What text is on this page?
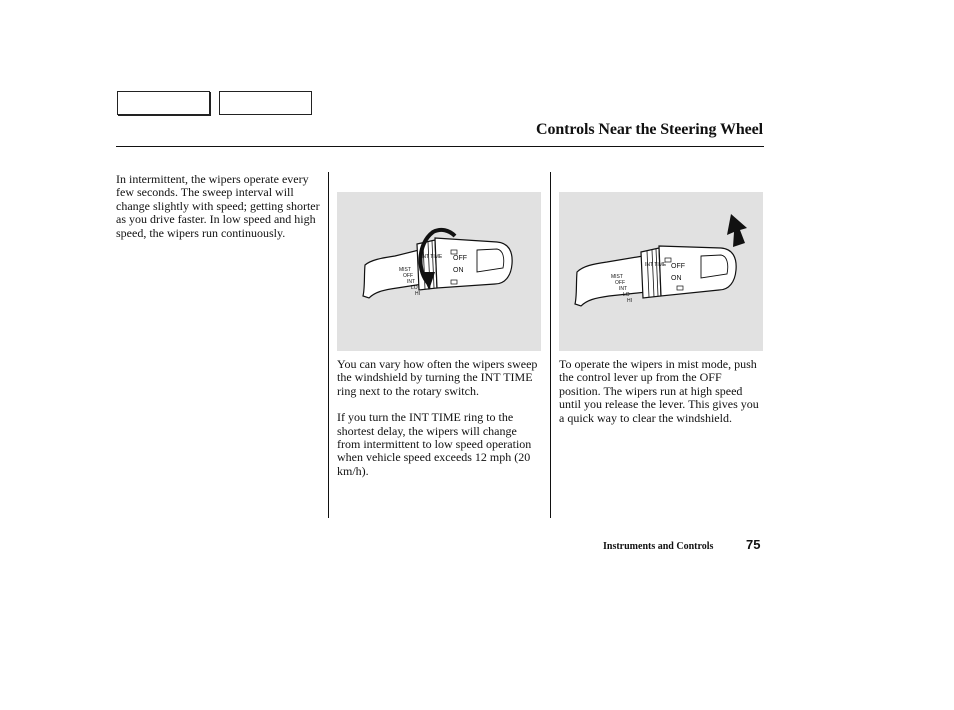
Controls Near the Steering Wheel

In intermittent, the wipers operate every few seconds. The sweep interval will change slightly with speed; getting shorter as you drive faster. In low speed and high speed, the wipers run continuously.

MIST
OFF
INT
LO
HI
INT TIME OFF
ON
MIST
OFF
INT
LO
HI
INT TIME OFF
ON

You can vary how often the wipers sweep the windshield by turning the INT TIME ring next to the rotary switch.

If you turn the INT TIME ring to the shortest delay, the wipers will change from intermittent to low speed operation when vehicle speed exceeds 12 mph (20 km/h).

To operate the wipers in mist mode, push the control lever up from the OFF position. The wipers run at high speed until you release the lever. This gives you a quick way to clear the windshield.

Instruments and Controls	75
